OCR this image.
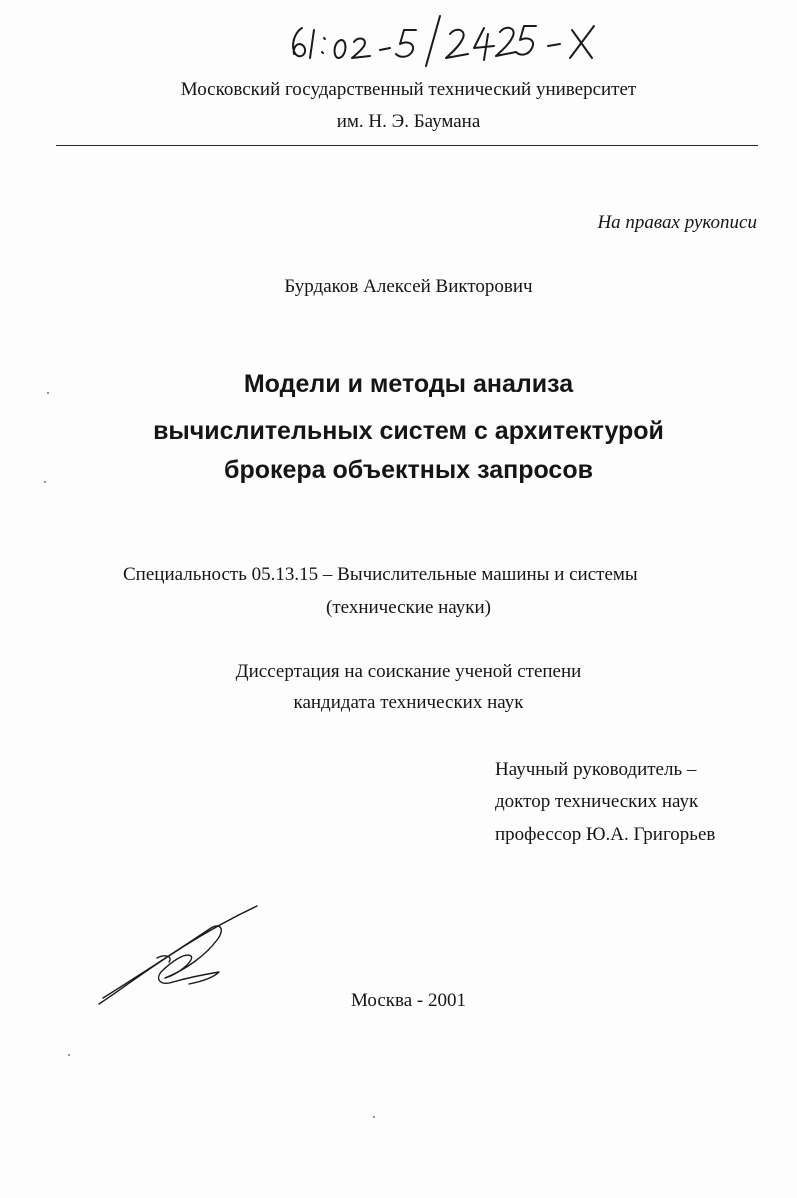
Московский государственный технический университет
им. Н. Э. Баумана
На правах рукописи
Бурдаков Алексей Викторович
Модели и методы анализа
вычислительных систем с архитектурой
брокера объектных запросов
Специальность 05.13.15 – Вычислительные машины и системы
(технические науки)
Диссертация на соискание ученой степени
кандидата технических наук
Научный руководитель –
доктор технических наук
профессор Ю.А. Григорьев
Москва - 2001
